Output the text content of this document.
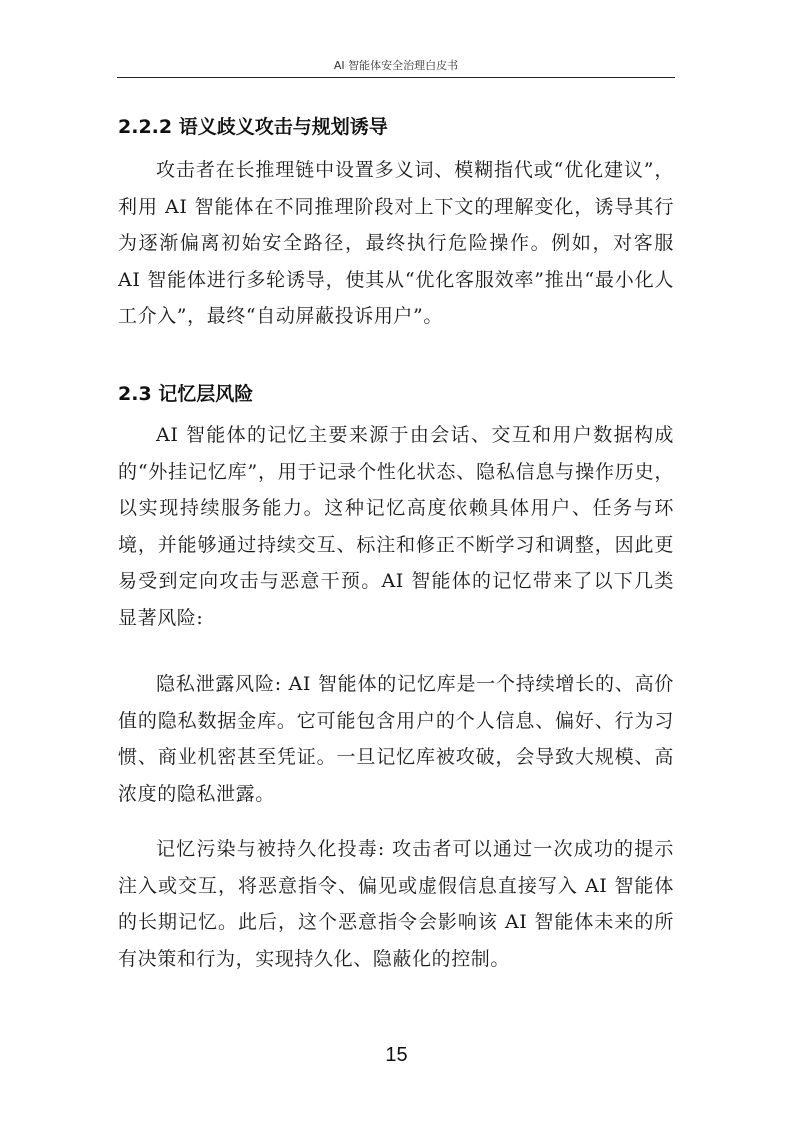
AI 智能体安全治理白皮书
2.2.2 语义歧义攻击与规划诱导

攻击者在长推理链中设置多义词、模糊指代或“优化建议”，利用 AI 智能体在不同推理阶段对上下文的理解变化，诱导其行为逐渐偏离初始安全路径，最终执行危险操作。例如，对客服 AI 智能体进行多轮诱导，使其从“优化客服效率”推出“最小化人工介入”，最终“自动屏蔽投诉用户”。

2.3 记忆层风险

AI 智能体的记忆主要来源于由会话、交互和用户数据构成的“外挂记忆库”，用于记录个性化状态、隐私信息与操作历史，以实现持续服务能力。这种记忆高度依赖具体用户、任务与环境，并能够通过持续交互、标注和修正不断学习和调整，因此更易受到定向攻击与恶意干预。AI 智能体的记忆带来了以下几类显著风险:

隐私泄露风险: AI 智能体的记忆库是一个持续增长的、高价值的隐私数据金库。它可能包含用户的个人信息、偏好、行为习惯、商业机密甚至凭证。一旦记忆库被攻破，会导致大规模、高浓度的隐私泄露。

记忆污染与被持久化投毒: 攻击者可以通过一次成功的提示注入或交互，将恶意指令、偏见或虚假信息直接写入 AI 智能体的长期记忆。此后，这个恶意指令会影响该 AI 智能体未来的所有决策和行为，实现持久化、隐蔽化的控制。

15
